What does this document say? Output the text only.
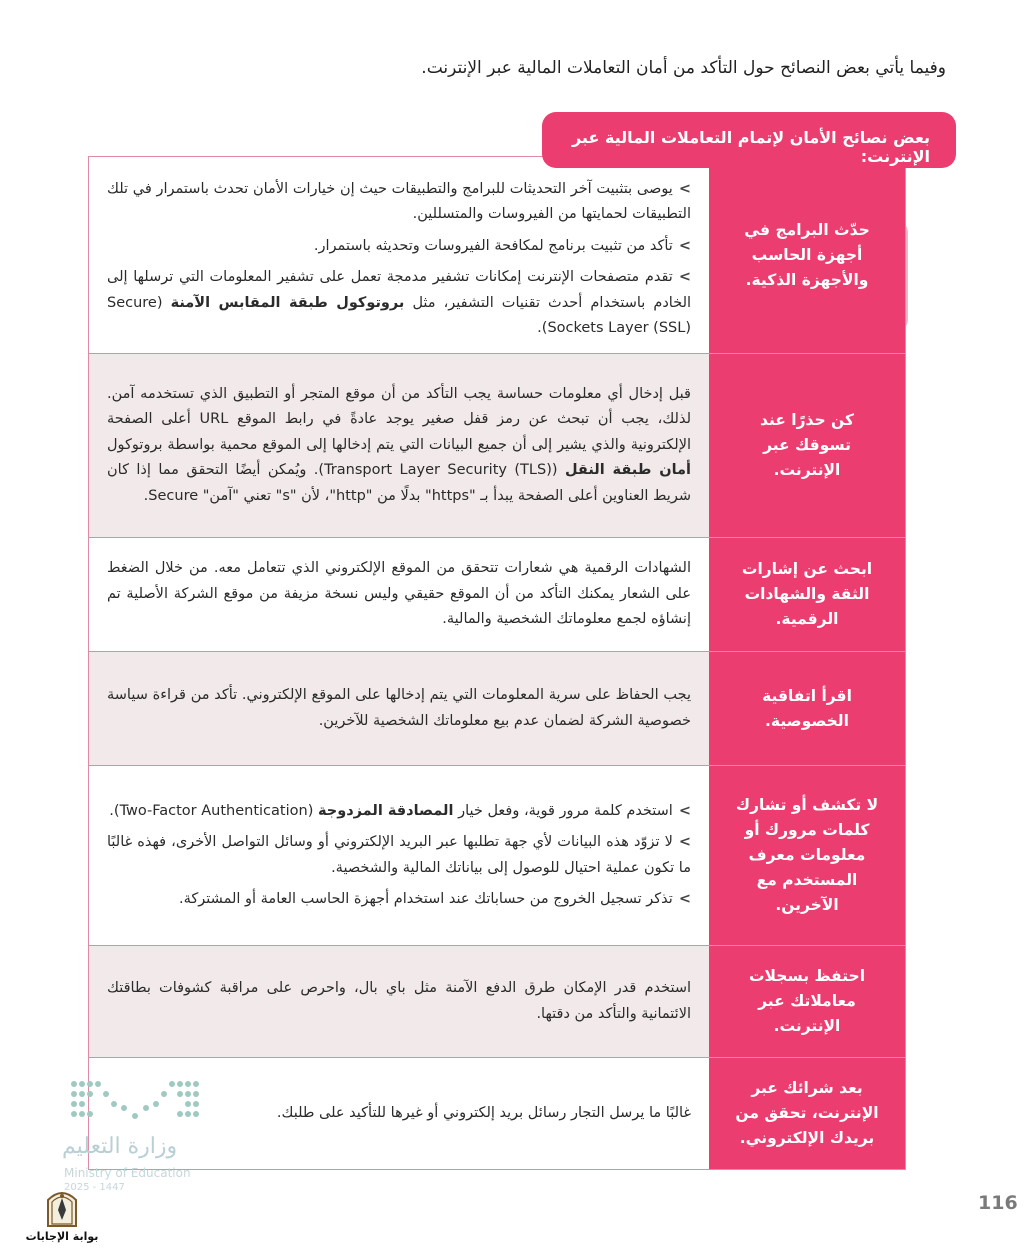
وفيما يأتي بعض النصائح حول التأكد من أمان التعاملات المالية عبر الإنترنت.
حدّث البرامج في أجهزة الحاسب والأجهزة الذكية.
>يوصى بتثبيت آخر التحديثات للبرامج والتطبيقات حيث إن خيارات الأمان تحدث باستمرار في تلك التطبيقات لحمايتها من الفيروسات والمتسللين.
>تأكد من تثبيت برنامج لمكافحة الفيروسات وتحديثه باستمرار.
>تقدم متصفحات الإنترنت إمكانات تشفير مدمجة تعمل على تشفير المعلومات التي ترسلها إلى الخادم باستخدام أحدث تقنيات التشفير، مثل بروتوكول طبقة المقابس الآمنة (Secure Sockets Layer (SSL)).
كن حذرًا عند تسوقك عبر الإنترنت.
قبل إدخال أي معلومات حساسة يجب التأكد من أن موقع المتجر أو التطبيق الذي تستخدمه آمن. لذلك، يجب أن تبحث عن رمز قفل صغير يوجد عادةً في رابط الموقع URL أعلى الصفحة الإلكترونية والذي يشير إلى أن جميع البيانات التي يتم إدخالها إلى الموقع محمية بواسطة بروتوكول أمان طبقة النقل (Transport Layer Security (TLS)). ويُمكن أيضًا التحقق مما إذا كان شريط العناوين أعلى الصفحة يبدأ بـ "https" بدلًا من "http"، لأن "s" تعني "آمن" Secure.
ابحث عن إشارات الثقة والشهادات الرقمية.
الشهادات الرقمية هي شعارات تتحقق من الموقع الإلكتروني الذي تتعامل معه. من خلال الضغط على الشعار يمكنك التأكد من أن الموقع حقيقي وليس نسخة مزيفة من موقع الشركة الأصلية تم إنشاؤه لجمع معلوماتك الشخصية والمالية.
اقرأ اتفاقية الخصوصية.
يجب الحفاظ على سرية المعلومات التي يتم إدخالها على الموقع الإلكتروني. تأكد من قراءة سياسة خصوصية الشركة لضمان عدم بيع معلوماتك الشخصية للآخرين.
لا تكشف أو تشارك كلمات مرورك أو معلومات معرف المستخدم مع الآخرين.
>استخدم كلمة مرور قوية، وفعل خيار المصادقة المزدوجة (Two-Factor Authentication).
>لا تزوّد هذه البيانات لأي جهة تطلبها عبر البريد الإلكتروني أو وسائل التواصل الأخرى، فهذه غالبًا ما تكون عملية احتيال للوصول إلى بياناتك المالية والشخصية.
>تذكر تسجيل الخروج من حساباتك عند استخدام أجهزة الحاسب العامة أو المشتركة.
احتفظ بسجلات معاملاتك عبر الإنترنت.
استخدم قدر الإمكان طرق الدفع الآمنة مثل باي بال، واحرص على مراقبة كشوفات بطاقتك الائتمانية والتأكد من دقتها.
بعد شرائك عبر الإنترنت، تحقق من بريدك الإلكتروني.
غالبًا ما يرسل التجار رسائل بريد إلكتروني أو غيرها للتأكيد على طلبك.
بعض نصائح الأمان لإتمام التعاملات المالية عبر الإنترنت:
وزارة التعليم
Ministry of Education
2025 - 1447
بوابة الإجابات
116
